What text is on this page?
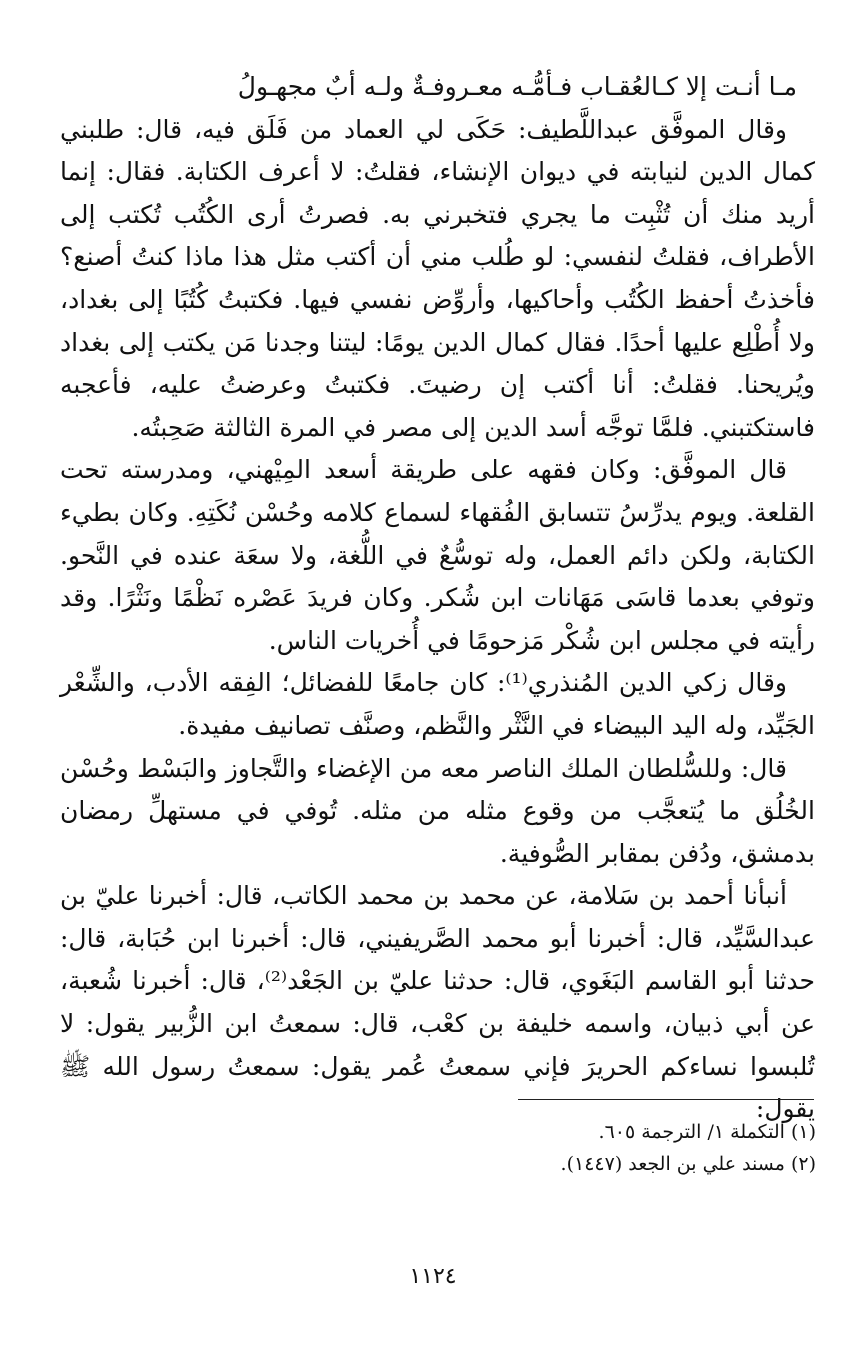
مـا أنـت إلا كـالعُقـاب فـأمُّـه معـروفـةٌ ولـه أبٌ مجهـولُ

وقال الموفَّق عبداللَّطيف: حَكَى لي العماد من فَلَق فيه، قال: طلبني كمال الدين لنيابته في ديوان الإنشاء، فقلتُ: لا أعرف الكتابة. فقال: إنما أريد منك أن تُثْبِت ما يجري فتخبرني به. فصرتُ أرى الكُتُب تُكتب إلى الأطراف، فقلتُ لنفسي: لو طُلب مني أن أكتب مثل هذا ماذا كنتُ أصنع؟ فأخذتُ أحفظ الكُتُب وأحاكيها، وأروِّض نفسي فيها. فكتبتُ كُتُبًا إلى بغداد، ولا أُطْلِع عليها أحدًا. فقال كمال الدين يومًا: ليتنا وجدنا مَن يكتب إلى بغداد ويُريحنا. فقلتُ: أنا أكتب إن رضيتَ. فكتبتُ وعرضتُ عليه، فأعجبه فاستكتبني. فلمَّا توجَّه أسد الدين إلى مصر في المرة الثالثة صَحِبتُه.

قال الموفَّق: وكان فقهه على طريقة أسعد المِيْهني، ومدرسته تحت القلعة. ويوم يدرِّسُ تتسابق الفُقهاء لسماع كلامه وحُسْن نُكَتِهِ. وكان بطيء الكتابة، ولكن دائم العمل، وله توسُّعٌ في اللُّغة، ولا سعَة عنده في النَّحو. وتوفي بعدما قاسَى مَهَانات ابن شُكر. وكان فريدَ عَصْره نَظْمًا ونَثْرًا. وقد رأيته في مجلس ابن شُكْر مَزحومًا في أُخريات الناس.

وقال زكي الدين المُنذري⁽¹⁾: كان جامعًا للفضائل؛ الفِقه الأدب، والشِّعْر الجَيِّد، وله اليد البيضاء في النَّثْر والنَّظم، وصنَّف تصانيف مفيدة.

قال: وللسُّلطان الملك الناصر معه من الإغضاء والتَّجاوز والبَسْط وحُسْن الخُلُق ما يُتعجَّب من وقوع مثله من مثله. تُوفي في مستهلِّ رمضان بدمشق، ودُفن بمقابر الصُّوفية.

أنبأنا أحمد بن سَلامة، عن محمد بن محمد الكاتب، قال: أخبرنا عليّ بن عبدالسَّيِّد، قال: أخبرنا أبو محمد الصَّريفيني، قال: أخبرنا ابن حُبَابة، قال: حدثنا أبو القاسم البَغَوي، قال: حدثنا عليّ بن الجَعْد⁽²⁾، قال: أخبرنا شُعبة، عن أبي ذبيان، واسمه خليفة بن كعْب، قال: سمعتُ ابن الزُّبير يقول: لا تُلبسوا نساءكم الحريرَ فإني سمعتُ عُمر يقول: سمعتُ رسول الله ﷺ يقول:

(١) التكملة ١/ الترجمة ٦٠٥.

(٢) مسند علي بن الجعد (١٤٤٧).

١١٢٤
